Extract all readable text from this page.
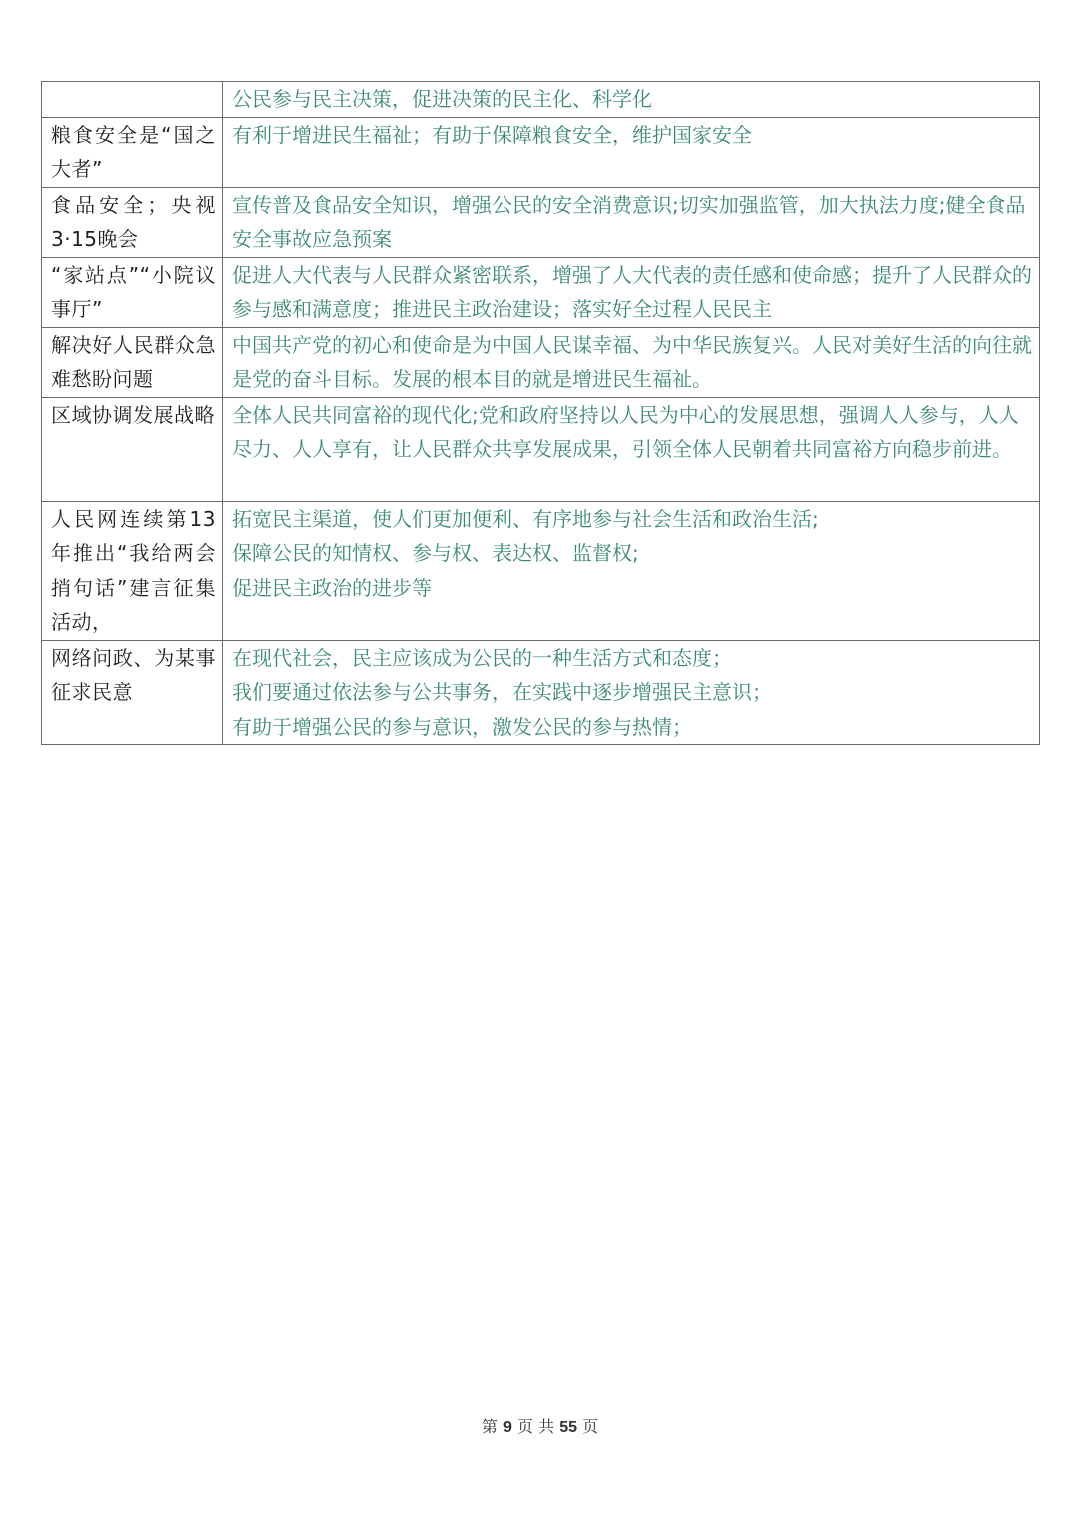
	公民参与民主决策，促进决策的民主化、科学化

粮食安全是“国之大者”	有利于增进民生福祉；有助于保障粮食安全，维护国家安全

食品安全；央视3·15晚会	宣传普及食品安全知识，增强公民的安全消费意识;切实加强监管，加大执法力度;健全食品安全事故应急预案

“家站点”“小院议事厅”	促进人大代表与人民群众紧密联系，增强了人大代表的责任感和使命感；提升了人民群众的参与感和满意度；推进民主政治建设；落实好全过程人民民主

解决好人民群众急难愁盼问题	中国共产党的初心和使命是为中国人民谋幸福、为中华民族复兴。人民对美好生活的向往就是党的奋斗目标。发展的根本目的就是增进民生福祉。

区域协调发展战略	全体人民共同富裕的现代化;党和政府坚持以人民为中心的发展思想，强调人人参与，人人尽力、人人享有，让人民群众共享发展成果，引领全体人民朝着共同富裕方向稳步前进。

人民网连续第13年推出“我给两会捎句话”建言征集活动，	拓宽民主渠道，使人们更加便利、有序地参与社会生活和政治生活;
保障公民的知情权、参与权、表达权、监督权;
促进民主政治的进步等

网络问政、为某事征求民意	在现代社会，民主应该成为公民的一种生活方式和态度；
我们要通过依法参与公共事务，在实践中逐步增强民主意识；
有助于增强公民的参与意识，激发公民的参与热情；
第 9 页 共 55 页
